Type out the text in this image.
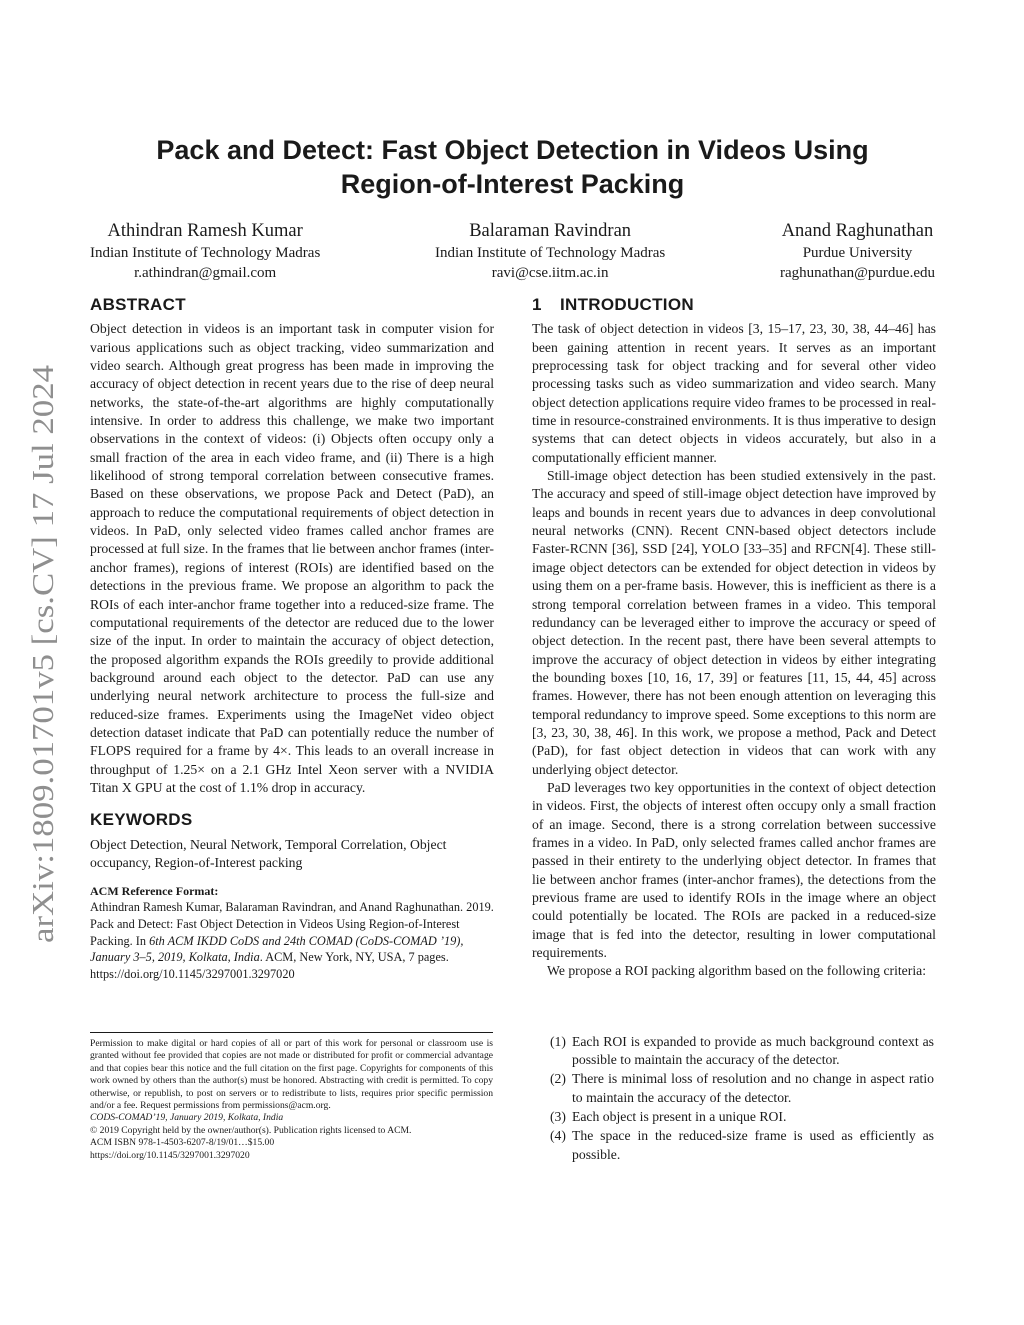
arXiv:1809.01701v5 [cs.CV] 17 Jul 2024
Pack and Detect: Fast Object Detection in Videos Using
Region-of-Interest Packing
Athindran Ramesh Kumar
Indian Institute of Technology Madras
r.athindran@gmail.com
Balaraman Ravindran
Indian Institute of Technology Madras
ravi@cse.iitm.ac.in
Anand Raghunathan
Purdue University
raghunathan@purdue.edu
ABSTRACT

Object detection in videos is an important task in computer vision for various applications such as object tracking, video summarization and video search. Although great progress has been made in improving the accuracy of object detection in recent years due to the rise of deep neural networks, the state-of-the-art algorithms are highly computationally intensive. In order to address this challenge, we make two important observations in the context of videos: (i) Objects often occupy only a small fraction of the area in each video frame, and (ii) There is a high likelihood of strong temporal correlation between consecutive frames. Based on these observations, we propose Pack and Detect (PaD), an approach to reduce the computational requirements of object detection in videos. In PaD, only selected video frames called anchor frames are processed at full size. In the frames that lie between anchor frames (inter-anchor frames), regions of interest (ROIs) are identified based on the detections in the previous frame. We propose an algorithm to pack the ROIs of each inter-anchor frame together into a reduced-size frame. The computational requirements of the detector are reduced due to the lower size of the input. In order to maintain the accuracy of object detection, the proposed algorithm expands the ROIs greedily to provide additional background around each object to the detector. PaD can use any underlying neural network architecture to process the full-size and reduced-size frames. Experiments using the ImageNet video object detection dataset indicate that PaD can potentially reduce the number of FLOPS required for a frame by 4×. This leads to an overall increase in throughput of 1.25× on a 2.1 GHz Intel Xeon server with a NVIDIA Titan X GPU at the cost of 1.1% drop in accuracy.

KEYWORDS

Object Detection, Neural Network, Temporal Correlation, Object occupancy, Region-of-Interest packing

ACM Reference Format:

Athindran Ramesh Kumar, Balaraman Ravindran, and Anand Raghunathan. 2019. Pack and Detect: Fast Object Detection in Videos Using Region-of-Interest Packing. In 6th ACM IKDD CoDS and 24th COMAD (CoDS-COMAD ’19), January 3–5, 2019, Kolkata, India. ACM, New York, NY, USA, 7 pages. https://doi.org/10.1145/3297001.3297020

Permission to make digital or hard copies of all or part of this work for personal or classroom use is granted without fee provided that copies are not made or distributed for profit or commercial advantage and that copies bear this notice and the full citation on the first page. Copyrights for components of this work owned by others than the author(s) must be honored. Abstracting with credit is permitted. To copy otherwise, or republish, to post on servers or to redistribute to lists, requires prior specific permission and/or a fee. Request permissions from permissions@acm.org.

CODS-COMAD’19, January 2019, Kolkata, India

© 2019 Copyright held by the owner/author(s). Publication rights licensed to ACM.

ACM ISBN 978-1-4503-6207-8/19/01…$15.00

https://doi.org/10.1145/3297001.3297020

1 INTRODUCTION

The task of object detection in videos [3, 15–17, 23, 30, 38, 44–46] has been gaining attention in recent years. It serves as an important preprocessing task for object tracking and for several other video processing tasks such as video summarization and video search. Many object detection applications require video frames to be processed in real-time in resource-constrained environments. It is thus imperative to design systems that can detect objects in videos accurately, but also in a computationally efficient manner.

Still-image object detection has been studied extensively in the past. The accuracy and speed of still-image object detection have improved by leaps and bounds in recent years due to advances in deep convolutional neural networks (CNN). Recent CNN-based object detectors include Faster-RCNN [36], SSD [24], YOLO [33–35] and RFCN[4]. These still-image object detectors can be extended for object detection in videos by using them on a per-frame basis. However, this is inefficient as there is a strong temporal correlation between frames in a video. This temporal redundancy can be leveraged either to improve the accuracy or speed of object detection. In the recent past, there have been several attempts to improve the accuracy of object detection in videos by either integrating the bounding boxes [10, 16, 17, 39] or features [11, 15, 44, 45] across frames. However, there has not been enough attention on leveraging this temporal redundancy to improve speed. Some exceptions to this norm are [3, 23, 30, 38, 46]. In this work, we propose a method, Pack and Detect (PaD), for fast object detection in videos that can work with any underlying object detector.

PaD leverages two key opportunities in the context of object detection in videos. First, the objects of interest often occupy only a small fraction of an image. Second, there is a strong correlation between successive frames in a video. In PaD, only selected frames called anchor frames are passed in their entirety to the underlying object detector. In frames that lie between anchor frames (inter-anchor frames), the detections from the previous frame are used to identify ROIs in the image where an object could potentially be located. The ROIs are packed in a reduced-size image that is fed into the detector, resulting in lower computational requirements.

We propose a ROI packing algorithm based on the following criteria:

(1) Each ROI is expanded to provide as much background context as possible to maintain the accuracy of the detector.
(2) There is minimal loss of resolution and no change in aspect ratio to maintain the accuracy of the detector.
(3) Each object is present in a unique ROI.
(4) The space in the reduced-size frame is used as efficiently as possible.
